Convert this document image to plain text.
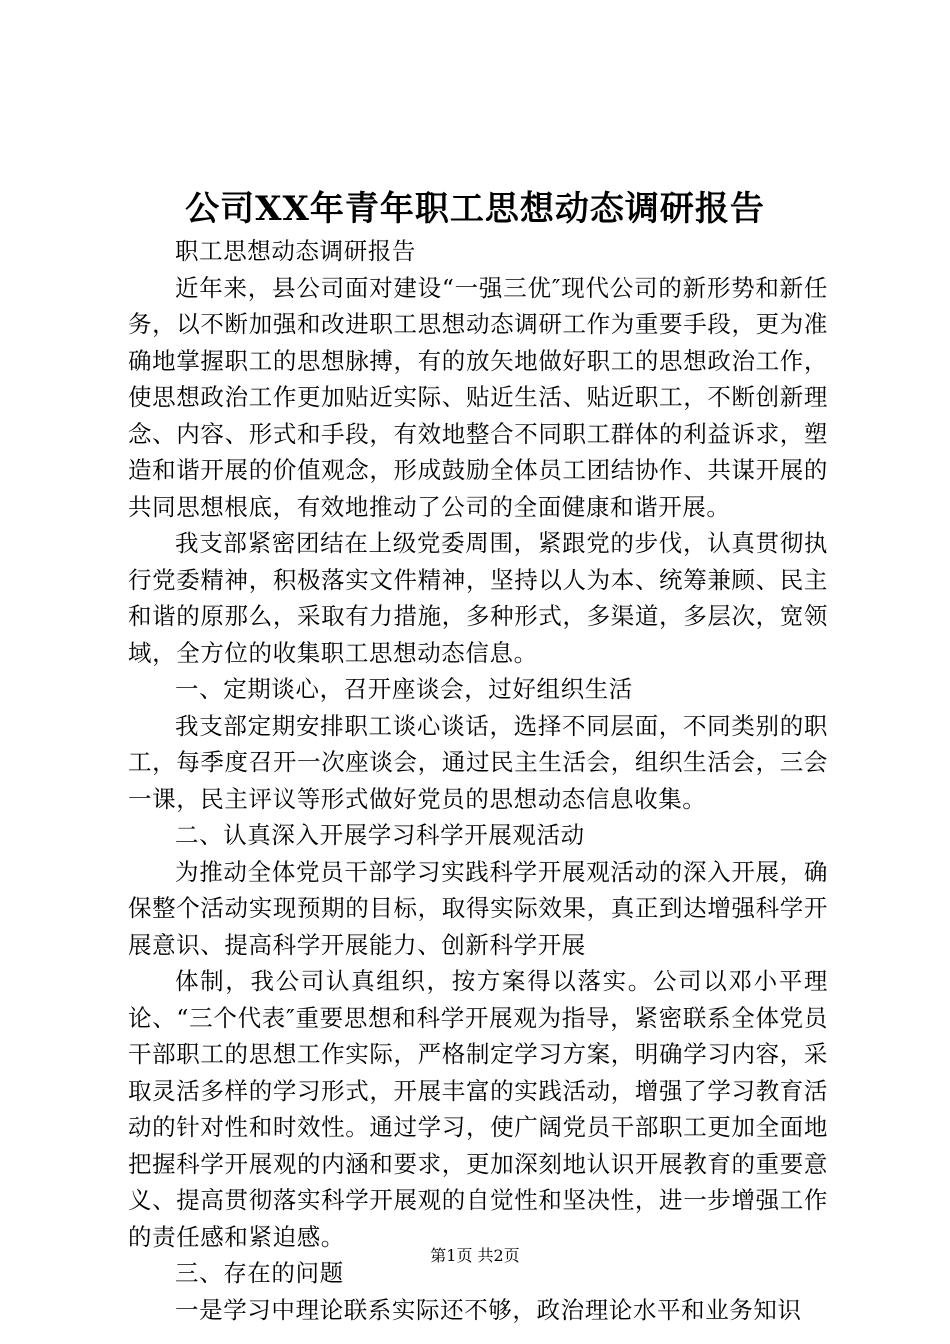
公司XX年青年职工思想动态调研报告

职工思想动态调研报告

近年来，县公司面对建设“一强三优″现代公司的新形势和新任务，以不断加强和改进职工思想动态调研工作为重要手段，更为准确地掌握职工的思想脉搏，有的放矢地做好职工的思想政治工作，使思想政治工作更加贴近实际、贴近生活、贴近职工，不断创新理念、内容、形式和手段，有效地整合不同职工群体的利益诉求，塑造和谐开展的价值观念，形成鼓励全体员工团结协作、共谋开展的共同思想根底，有效地推动了公司的全面健康和谐开展。

我支部紧密团结在上级党委周围，紧跟党的步伐，认真贯彻执行党委精神，积极落实文件精神，坚持以人为本、统筹兼顾、民主和谐的原那么，采取有力措施，多种形式，多渠道，多层次，宽领域，全方位的收集职工思想动态信息。

一、定期谈心，召开座谈会，过好组织生活

我支部定期安排职工谈心谈话，选择不同层面，不同类别的职工，每季度召开一次座谈会，通过民主生活会，组织生活会，三会一课，民主评议等形式做好党员的思想动态信息收集。

二、认真深入开展学习科学开展观活动

为推动全体党员干部学习实践科学开展观活动的深入开展，确保整个活动实现预期的目标，取得实际效果，真正到达增强科学开展意识、提高科学开展能力、创新科学开展

体制，我公司认真组织，按方案得以落实。公司以邓小平理论、“三个代表″重要思想和科学开展观为指导，紧密联系全体党员干部职工的思想工作实际，严格制定学习方案，明确学习内容，采取灵活多样的学习形式，开展丰富的实践活动，增强了学习教育活动的针对性和时效性。通过学习，使广阔党员干部职工更加全面地把握科学开展观的内涵和要求，更加深刻地认识开展教育的重要意义、提高贯彻落实科学开展观的自觉性和坚决性，进一步增强工作的责任感和紧迫感。

三、存在的问题

一是学习中理论联系实际还不够，政治理论水平和业务知识

第1页 共2页
